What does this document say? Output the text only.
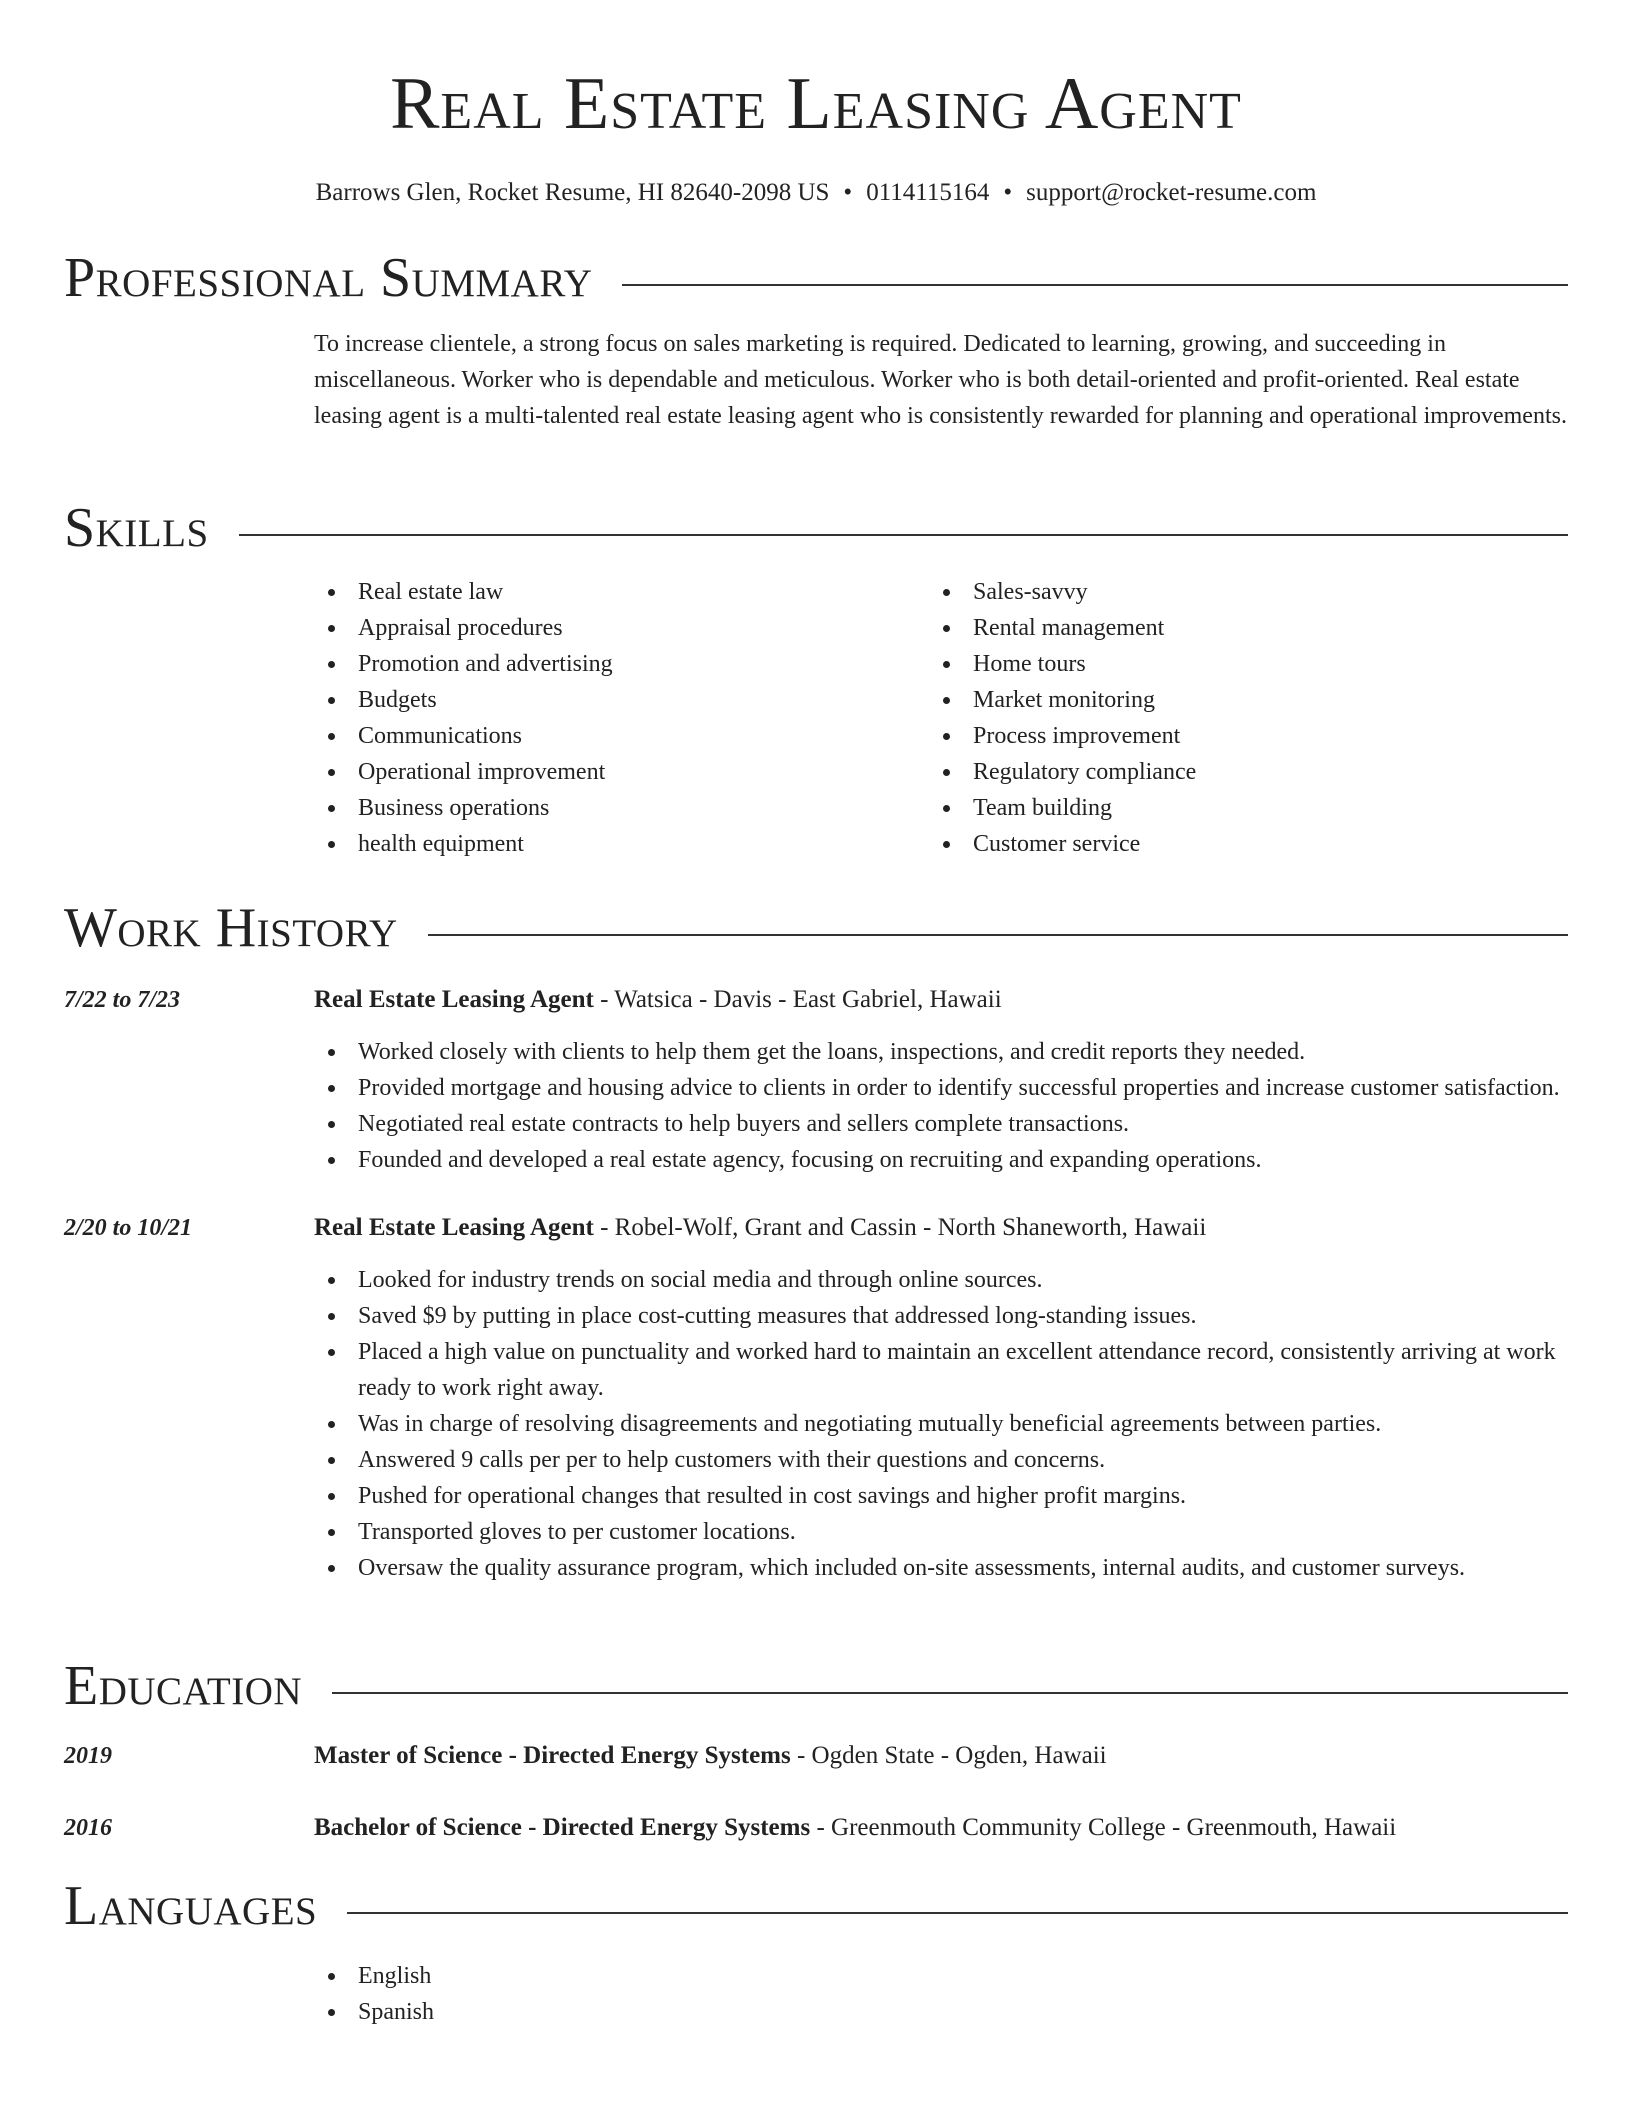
Real Estate Leasing Agent
Barrows Glen, Rocket Resume, HI 82640-2098 US • 0114115164 • support@rocket-resume.com
Professional Summary
To increase clientele, a strong focus on sales marketing is required. Dedicated to learning, growing, and succeeding in miscellaneous. Worker who is dependable and meticulous. Worker who is both detail-oriented and profit-oriented. Real estate leasing agent is a multi-talented real estate leasing agent who is consistently rewarded for planning and operational improvements.
Skills
Real estate law
Appraisal procedures
Promotion and advertising
Budgets
Communications
Operational improvement
Business operations
health equipment
Sales-savvy
Rental management
Home tours
Market monitoring
Process improvement
Regulatory compliance
Team building
Customer service
Work History
7/22 to 7/23	Real Estate Leasing Agent - Watsica - Davis - East Gabriel, Hawaii
Worked closely with clients to help them get the loans, inspections, and credit reports they needed.
Provided mortgage and housing advice to clients in order to identify successful properties and increase customer satisfaction.
Negotiated real estate contracts to help buyers and sellers complete transactions.
Founded and developed a real estate agency, focusing on recruiting and expanding operations.
2/20 to 10/21	Real Estate Leasing Agent - Robel-Wolf, Grant and Cassin - North Shaneworth, Hawaii
Looked for industry trends on social media and through online sources.
Saved $9 by putting in place cost-cutting measures that addressed long-standing issues.
Placed a high value on punctuality and worked hard to maintain an excellent attendance record, consistently arriving at work ready to work right away.
Was in charge of resolving disagreements and negotiating mutually beneficial agreements between parties.
Answered 9 calls per per to help customers with their questions and concerns.
Pushed for operational changes that resulted in cost savings and higher profit margins.
Transported gloves to per customer locations.
Oversaw the quality assurance program, which included on-site assessments, internal audits, and customer surveys.
Education
2019	Master of Science - Directed Energy Systems - Ogden State - Ogden, Hawaii
2016	Bachelor of Science - Directed Energy Systems - Greenmouth Community College - Greenmouth, Hawaii
Languages
English
Spanish
